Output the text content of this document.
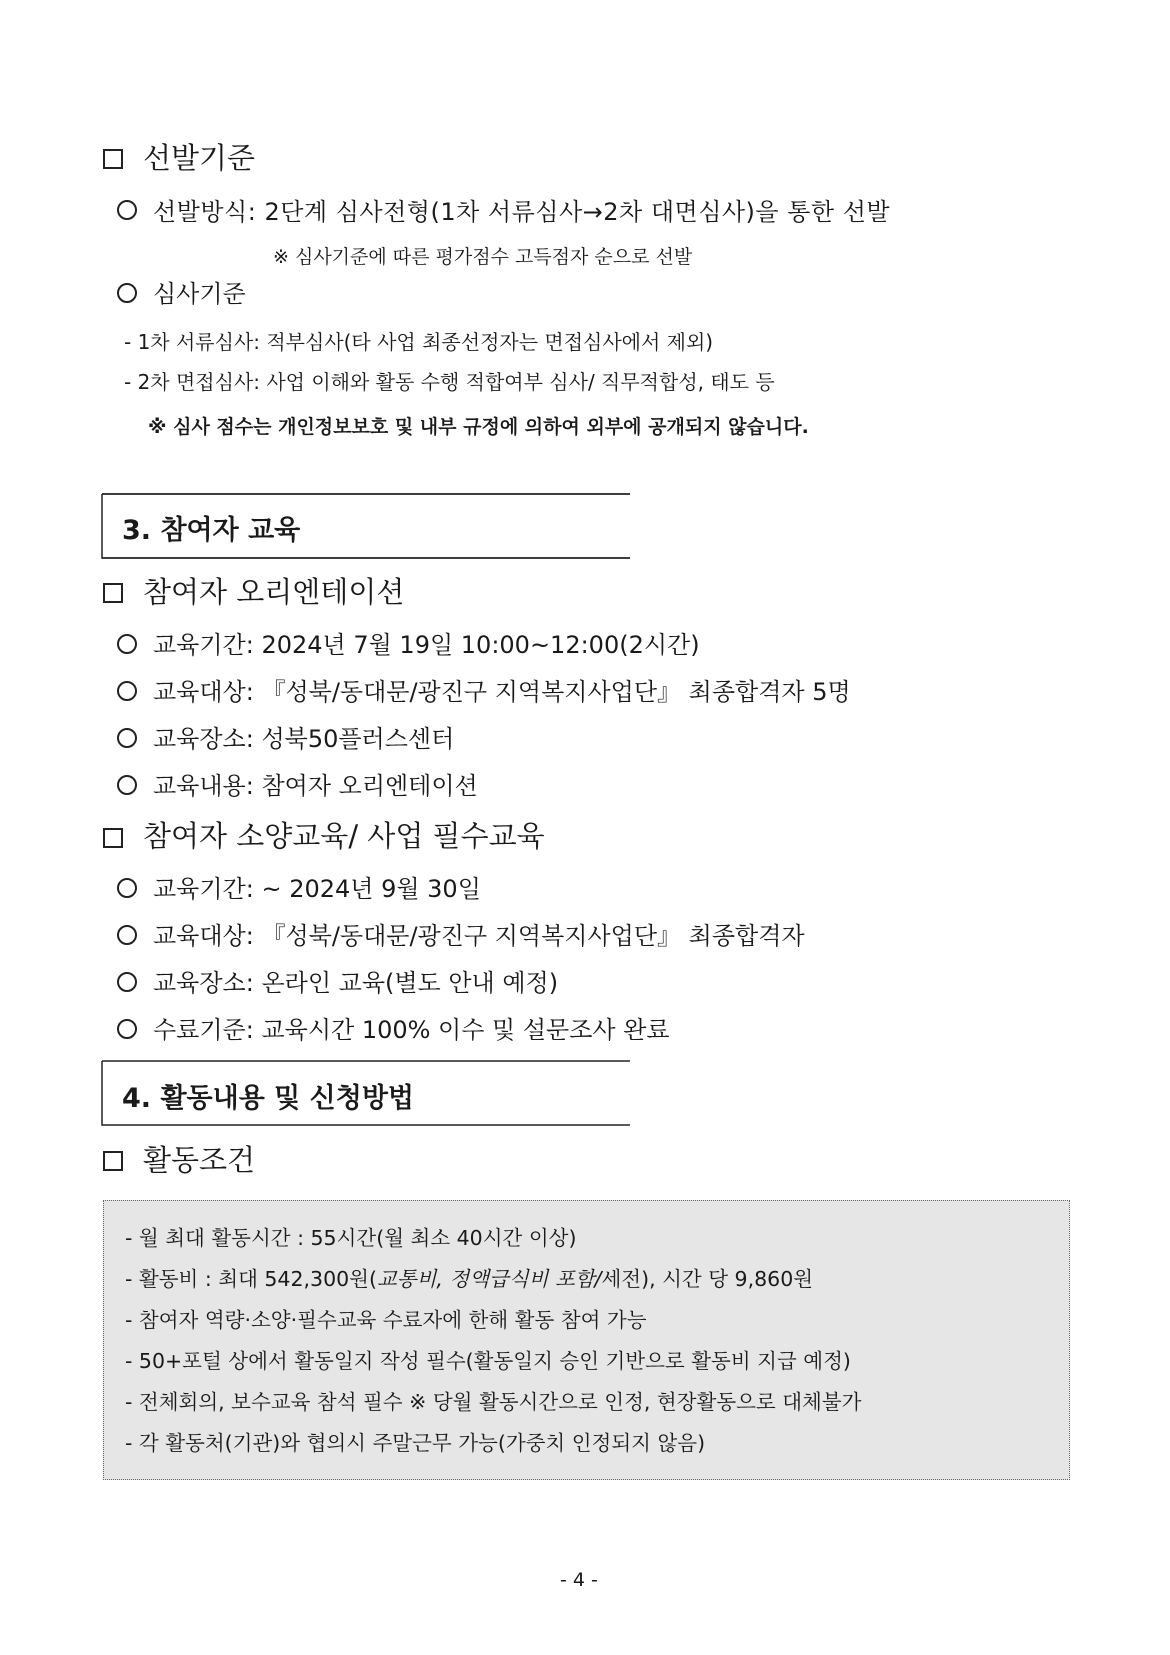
선발기준
선발방식: 2단계 심사전형(1차 서류심사→2차 대면심사)을 통한 선발
※ 심사기준에 따른 평가점수 고득점자 순으로 선발
심사기준
- 1차 서류심사: 적부심사(타 사업 최종선정자는 면접심사에서 제외)
- 2차 면접심사: 사업 이해와 활동 수행 적합여부 심사/ 직무적합성, 태도 등
※ 심사 점수는 개인정보보호 및 내부 규정에 의하여 외부에 공개되지 않습니다.
3. 참여자 교육
참여자 오리엔테이션
교육기간: 2024년 7월 19일 10:00~12:00(2시간)
교육대상: 『성북/동대문/광진구 지역복지사업단』 최종합격자 5명
교육장소: 성북50플러스센터
교육내용: 참여자 오리엔테이션
참여자 소양교육/ 사업 필수교육
교육기간: ~ 2024년 9월 30일
교육대상: 『성북/동대문/광진구 지역복지사업단』 최종합격자
교육장소: 온라인 교육(별도 안내 예정)
수료기준: 교육시간 100% 이수 및 설문조사 완료
4. 활동내용 및 신청방법
활동조건
- 월 최대 활동시간 : 55시간(월 최소 40시간 이상)
- 활동비 : 최대 542,300원(교통비, 정액급식비 포함/세전), 시간 당 9,860원
- 참여자 역량·소양·필수교육 수료자에 한해 활동 참여 가능
- 50+포털 상에서 활동일지 작성 필수(활동일지 승인 기반으로 활동비 지급 예정)
- 전체회의, 보수교육 참석 필수 ※ 당월 활동시간으로 인정, 현장활동으로 대체불가
- 각 활동처(기관)와 협의시 주말근무 가능(가중치 인정되지 않음)
- 4 -
